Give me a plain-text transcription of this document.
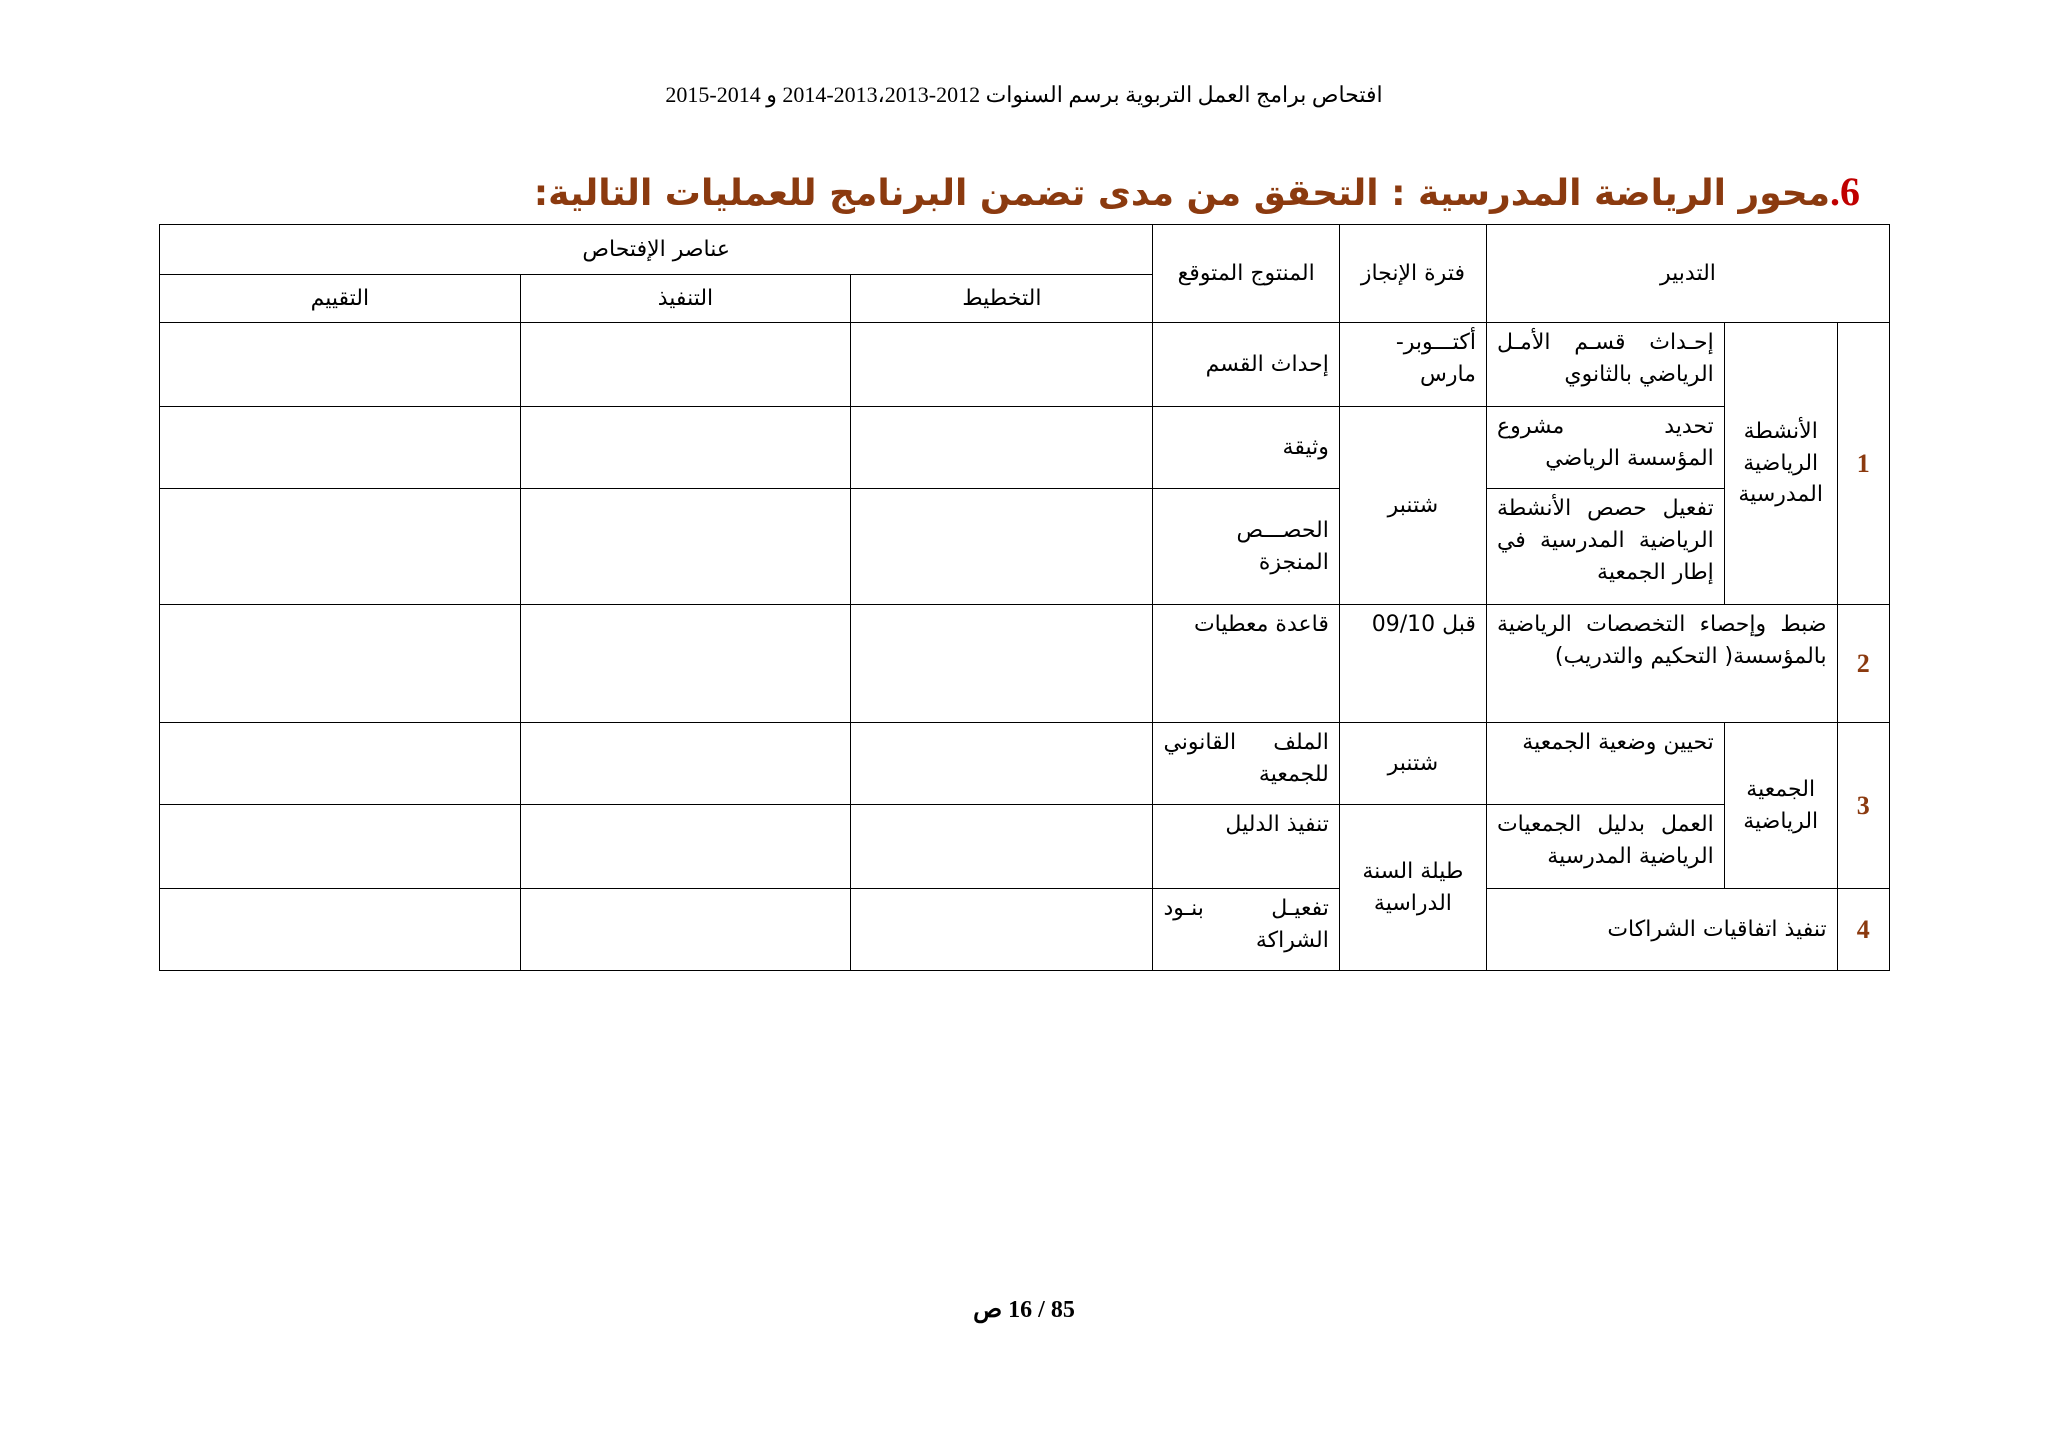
افتحاص برامج العمل التربوية برسم السنوات 2012-2013،2013-2014 و 2014-2015
6.محور الرياضة المدرسية : التحقق من مدى تضمن البرنامج للعمليات التالية:
التدبير			فترة الإنجاز	المنتوج المتوقع	عناصر الإفتحاص		
					التخطيط	التنفيذ	التقييم
1	الأنشطة الرياضية المدرسية	إحـداث قسـم الأمـل الرياضي بالثانوي	أكتـــوبر- مارس	إحداث القسم			
		تحديد مشروع المؤسسة الرياضي	شتنبر	وثيقة			
		تفعيل حصص الأنشطة الرياضية المدرسية في إطار الجمعية		الحصـــص المنجزة			
2	ضبط وإحصاء التخصصات الرياضية بالمؤسسة( التحكيم والتدريب)		قبل 09/10	قاعدة معطيات			
3	الجمعية الرياضية	تحيين وضعية الجمعية	شتنبر	الملف القانوني للجمعية			
		العمل بدليل الجمعيات الرياضية المدرسية	طيلة السنة الدراسية	تنفيذ الدليل			
4	تنفيذ اتفاقيات الشراكات			تفعيـل بنـود الشراكة			
85 / 16 ص
